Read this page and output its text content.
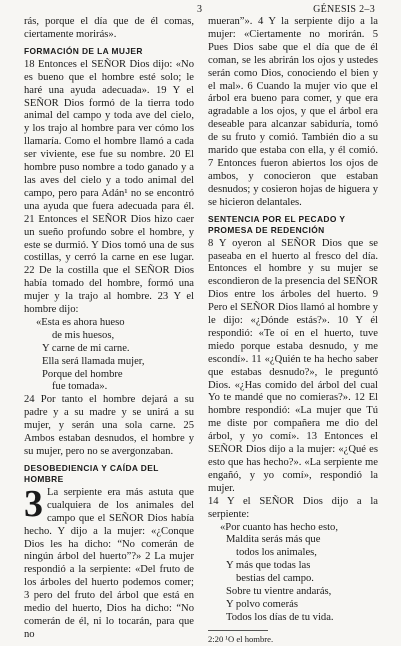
3	GÉNESIS 2–3

rás, porque el día que de él comas, ciertamente morirás».

FORMACIÓN DE LA MUJER

18 Entonces el SEÑOR Dios dijo: «No es bueno que el hombre esté solo; le haré una ayuda adecuada». 19 Y el SEÑOR Dios formó de la tierra todo animal del campo y toda ave del cielo, y los trajo al hombre para ver cómo los llamaría. Como el hombre llamó a cada ser viviente, ese fue su nombre. 20 El hombre puso nombre a todo ganado y a las aves del cielo y a todo animal del campo, pero para Adán¹ no se encontró una ayuda que fuera adecuada para él. 21 Entonces el SEÑOR Dios hizo caer un sueño profundo sobre el hombre, y este se durmió. Y Dios tomó una de sus costillas, y cerró la carne en ese lugar. 22 De la costilla que el SEÑOR Dios había tomado del hombre, formó una mujer y la trajo al hombre. 23 Y el hombre dijo:

«Esta es ahora hueso
de mis huesos,
Y carne de mi carne.
Ella será llamada mujer,
Porque del hombre
fue tomada».

24 Por tanto el hombre dejará a su padre y a su madre y se unirá a su mujer, y serán una sola carne. 25 Ambos estaban desnudos, el hombre y su mujer, pero no se avergonzaban.

DESOBEDIENCIA Y CAÍDA DEL HOMBRE

3 La serpiente era más astuta que cualquiera de los animales del campo que el SEÑOR Dios había hecho. Y dijo a la mujer: «¿Conque Dios les ha dicho: “No comerán de ningún árbol del huerto”?» 2 La mujer respondió a la serpiente: «Del fruto de los árboles del huerto podemos comer; 3 pero del fruto del árbol que está en medio del huerto, Dios ha dicho: “No comerán de él, ni lo tocarán, para que no

mueran”». 4 Y la serpiente dijo a la mujer: «Ciertamente no morirán. 5 Pues Dios sabe que el día que de él coman, se les abrirán los ojos y ustedes serán como Dios, conociendo el bien y el mal». 6 Cuando la mujer vio que el árbol era bueno para comer, y que era agradable a los ojos, y que el árbol era deseable para alcanzar sabiduría, tomó de su fruto y comió. También dio a su marido que estaba con ella, y él comió. 7 Entonces fueron abiertos los ojos de ambos, y conocieron que estaban desnudos; y cosieron hojas de higuera y se hicieron delantales.

SENTENCIA POR EL PECADO Y PROMESA DE REDENCIÓN

8 Y oyeron al SEÑOR Dios que se paseaba en el huerto al fresco del día. Entonces el hombre y su mujer se escondieron de la presencia del SEÑOR Dios entre los árboles del huerto. 9 Pero el SEÑOR Dios llamó al hombre y le dijo: «¿Dónde estás?». 10 Y él respondió: «Te oí en el huerto, tuve miedo porque estaba desnudo, y me escondí». 11 «¿Quién te ha hecho saber que estabas desnudo?», le preguntó Dios. «¿Has comido del árbol del cual Yo te mandé que no comieras?». 12 El hombre respondió: «La mujer que Tú me diste por compañera me dio del árbol, y yo comí». 13 Entonces el SEÑOR Dios dijo a la mujer: «¿Qué es esto que has hecho?». «La serpiente me engañó, y yo comí», respondió la mujer.

14 Y el SEÑOR Dios dijo a la serpiente:

«Por cuanto has hecho esto,
Maldita serás más que
todos los animales,
Y más que todas las
bestias del campo.
Sobre tu vientre andarás,
Y polvo comerás
Todos los días de tu vida.
2:20 ¹O el hombre.
